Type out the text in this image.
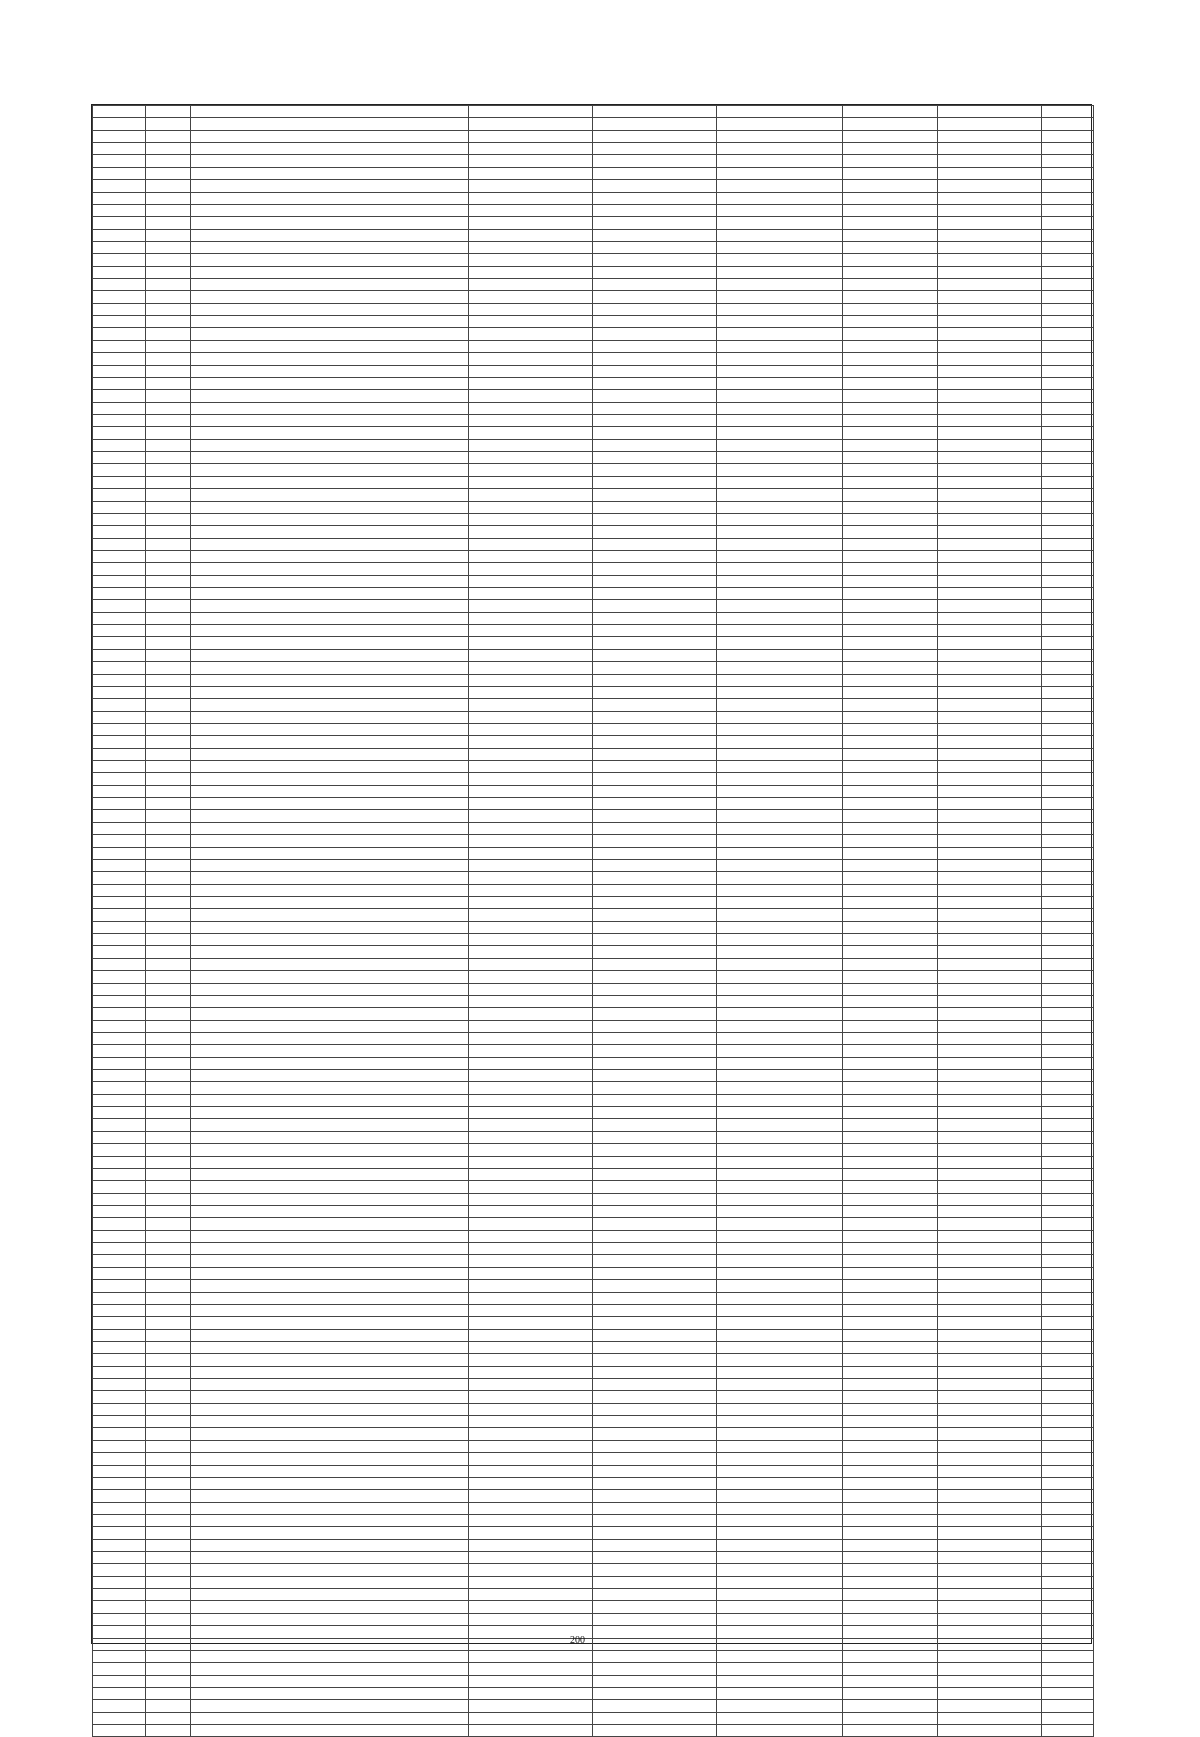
200
